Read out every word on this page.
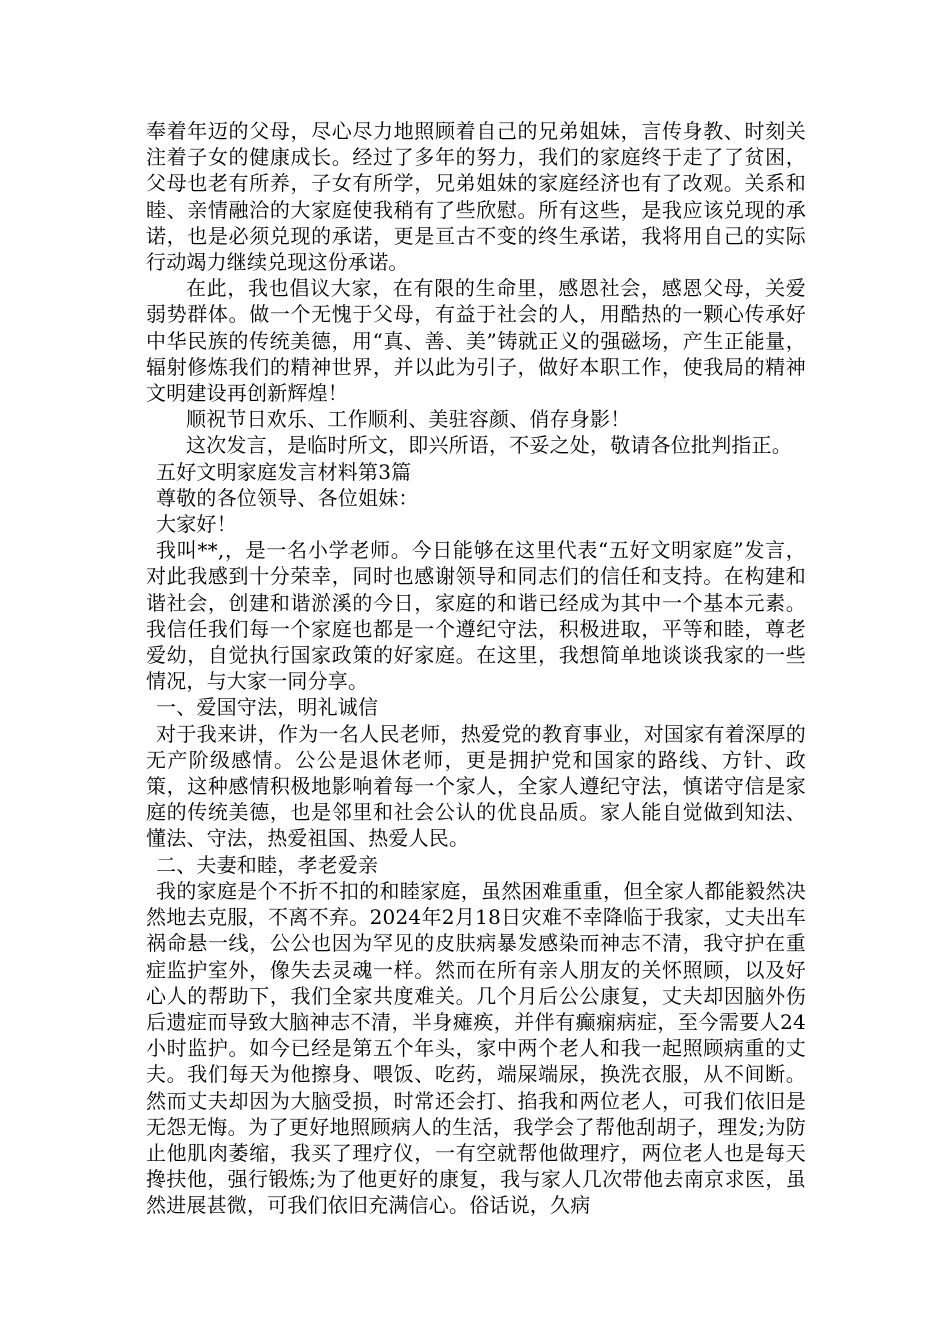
奉着年迈的父母，尽心尽力地照顾着自己的兄弟姐妹，言传身教、时刻关注着子女的健康成长。经过了多年的努力，我们的家庭终于走了了贫困，父母也老有所养，子女有所学，兄弟姐妹的家庭经济也有了改观。关系和睦、亲情融洽的大家庭使我稍有了些欣慰。所有这些，是我应该兑现的承诺，也是必须兑现的承诺，更是亘古不变的终生承诺，我将用自己的实际行动竭力继续兑现这份承诺。

在此，我也倡议大家，在有限的生命里，感恩社会，感恩父母，关爱弱势群体。做一个无愧于父母，有益于社会的人，用酷热的一颗心传承好中华民族的传统美德，用“真、善、美”铸就正义的强磁场，产生正能量，辐射修炼我们的精神世界，并以此为引子，做好本职工作，使我局的精神文明建设再创新辉煌！

顺祝节日欢乐、工作顺利、美驻容颜、俏存身影！

这次发言，是临时所文，即兴所语，不妥之处，敬请各位批判指正。

五好文明家庭发言材料第3篇

尊敬的各位领导、各位姐妹：

大家好！

我叫**,，是一名小学老师。今日能够在这里代表“五好文明家庭”发言，对此我感到十分荣幸，同时也感谢领导和同志们的信任和支持。在构建和谐社会，创建和谐淤溪的今日，家庭的和谐已经成为其中一个基本元素。我信任我们每一个家庭也都是一个遵纪守法，积极进取，平等和睦，尊老爱幼，自觉执行国家政策的好家庭。在这里，我想简单地谈谈我家的一些情况，与大家一同分享。

一、爱国守法，明礼诚信

对于我来讲，作为一名人民老师，热爱党的教育事业，对国家有着深厚的无产阶级感情。公公是退休老师，更是拥护党和国家的路线、方针、政策，这种感情积极地影响着每一个家人，全家人遵纪守法，慎诺守信是家庭的传统美德，也是邻里和社会公认的优良品质。家人能自觉做到知法、懂法、守法，热爱祖国、热爱人民。

二、夫妻和睦，孝老爱亲

我的家庭是个不折不扣的和睦家庭，虽然困难重重，但全家人都能毅然决然地去克服，不离不弃。2024年2月18日灾难不幸降临于我家，丈夫出车祸命悬一线，公公也因为罕见的皮肤病暴发感染而神志不清，我守护在重症监护室外，像失去灵魂一样。然而在所有亲人朋友的关怀照顾，以及好心人的帮助下，我们全家共度难关。几个月后公公康复，丈夫却因脑外伤后遗症而导致大脑神志不清，半身瘫痪，并伴有癫痫病症，至今需要人24小时监护。如今已经是第五个年头，家中两个老人和我一起照顾病重的丈夫。我们每天为他擦身、喂饭、吃药，端屎端尿，换洗衣服，从不间断。然而丈夫却因为大脑受损，时常还会打、掐我和两位老人，可我们依旧是无怨无悔。为了更好地照顾病人的生活，我学会了帮他刮胡子，理发;为防止他肌肉萎缩，我买了理疗仪，一有空就帮他做理疗，两位老人也是每天搀扶他，强行锻炼;为了他更好的康复，我与家人几次带他去南京求医，虽然进展甚微，可我们依旧充满信心。俗话说，久病
